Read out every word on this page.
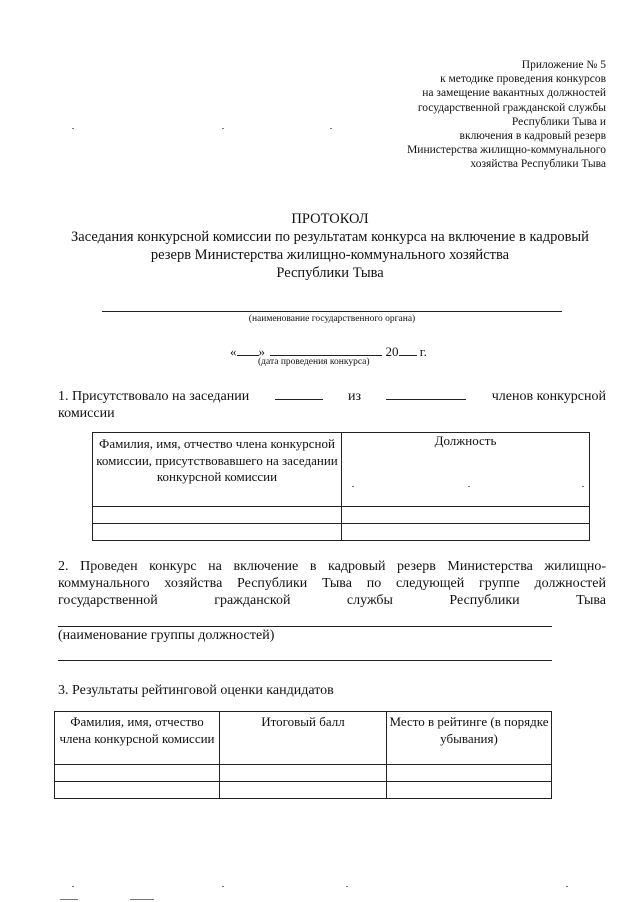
Приложение № 5
к методике проведения конкурсов
на замещение вакантных должностей
государственной гражданской службы
Республики Тыва и
включения в кадровый резерв
Министерства жилищно-коммунального
хозяйства Республики Тыва
ПРОТОКОЛ
Заседания конкурсной комиссии по результатам конкурса на включение в кадровый
резерв Министерства жилищно-коммунального хозяйства
Республики Тыва
(наименование государственного органа)
« »	20 г.
(дата проведения конкурса)
1. Присутствовало на заседании	из	членов конкурсной
комиссии
Фамилия, имя, отчество члена конкурсной комиссии, присутствовавшего на заседании конкурсной комиссии	Должность

2. Проведен конкурс на включение в кадровый резерв Министерства жилищно-
коммунального хозяйства Республики Тыва по следующей группе должностей
государственной гражданской службы Республики Тыва
(наименование группы должностей)
3. Результаты рейтинговой оценки кандидатов
Фамилия, имя, отчество члена конкурсной комиссии	Итоговый балл	Место в рейтинге (в порядке убывания)
